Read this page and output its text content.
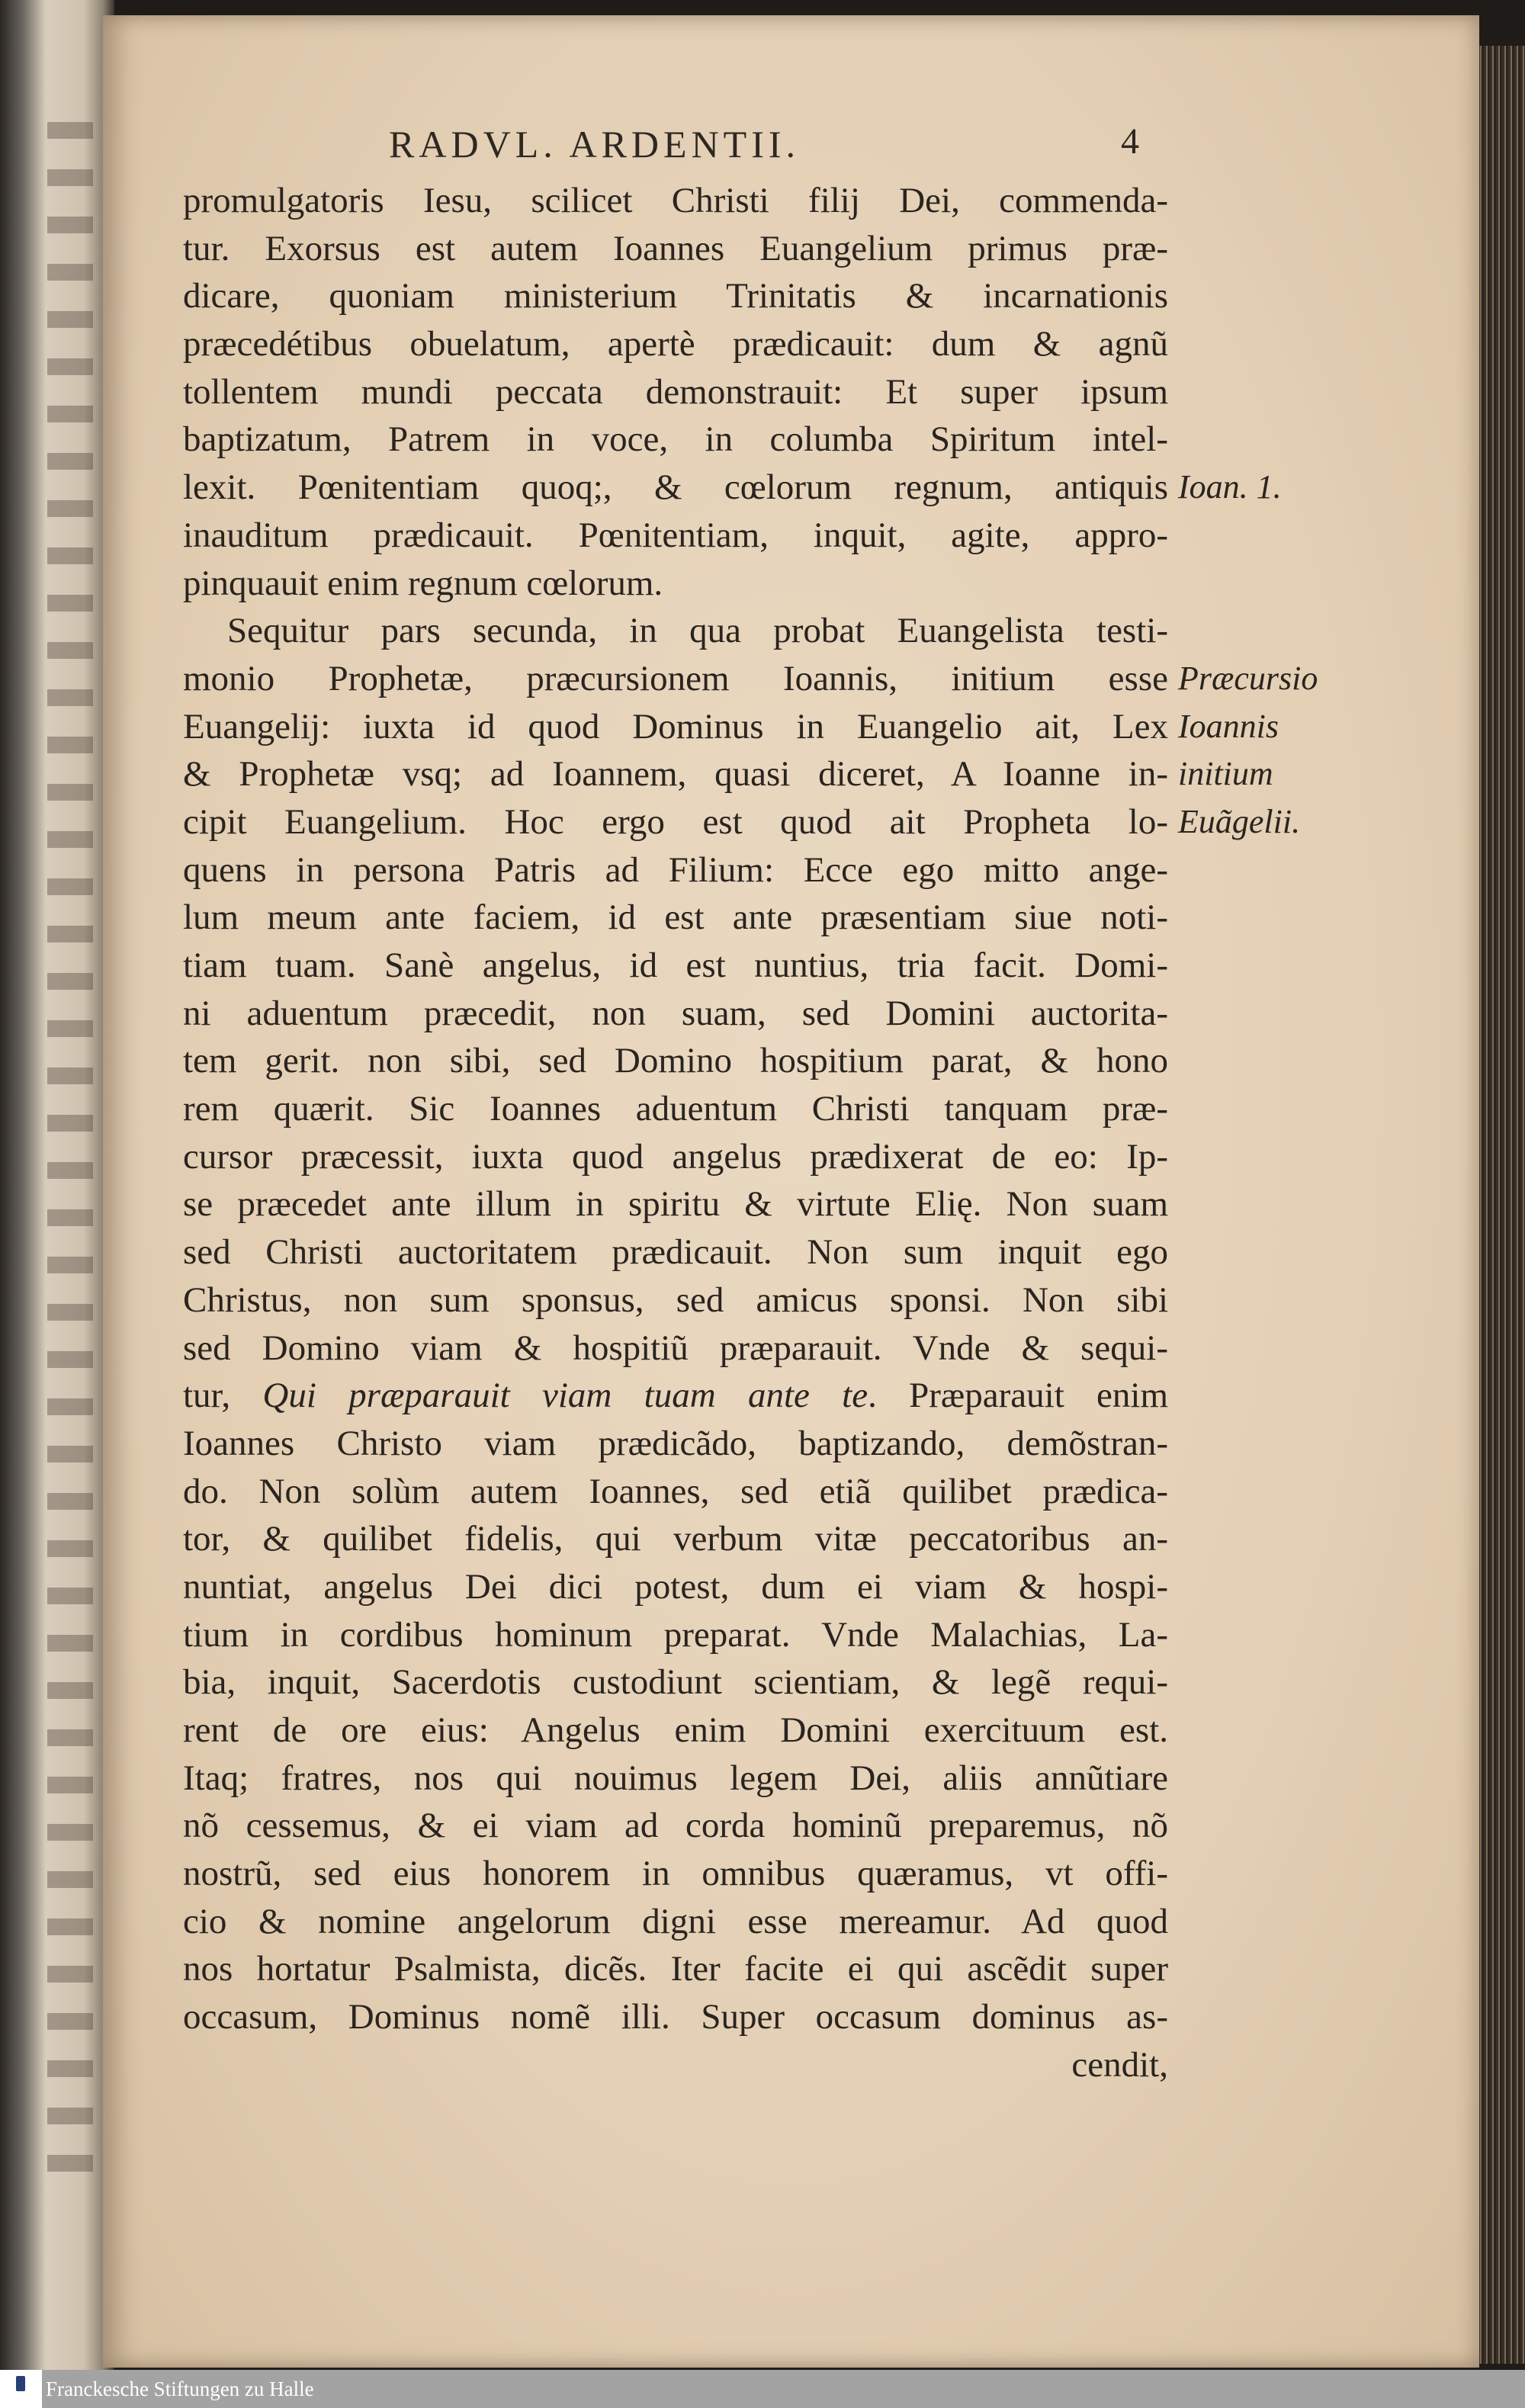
RADVL. ARDENTII.	4
promulgatoris Iesu, scilicet Christi filij Dei, commenda-
tur. Exorsus est autem Ioannes Euangelium primus præ-
dicare, quoniam ministerium Trinitatis & incarnationis
præcedétibus obuelatum, apertè prædicauit: dum & agnũ
tollentem mundi peccata demonstrauit: Et super ipsum
baptizatum, Patrem in voce, in columba Spiritum intel-
lexit. Pœnitentiam quoq;, & cœlorum regnum, antiquis
inauditum prædicauit. Pœnitentiam, inquit, agite, appro-
pinquauit enim regnum cœlorum.
Sequitur pars secunda, in qua probat Euangelista testi-
monio Prophetæ, præcursionem Ioannis, initium esse
Euangelij: iuxta id quod Dominus in Euangelio ait, Lex
& Prophetæ vsq; ad Ioannem, quasi diceret, A Ioanne in-
cipit Euangelium. Hoc ergo est quod ait Propheta lo-
quens in persona Patris ad Filium: Ecce ego mitto ange-
lum meum ante faciem, id est ante præsentiam siue noti-
tiam tuam. Sanè angelus, id est nuntius, tria facit. Domi-
ni aduentum præcedit, non suam, sed Domini auctorita-
tem gerit. non sibi, sed Domino hospitium parat, & hono
rem quærit. Sic Ioannes aduentum Christi tanquam præ-
cursor præcessit, iuxta quod angelus prædixerat de eo: Ip-
se præcedet ante illum in spiritu & virtute Elię. Non suam
sed Christi auctoritatem prædicauit. Non sum inquit ego
Christus, non sum sponsus, sed amicus sponsi. Non sibi
sed Domino viam & hospitiũ præparauit. Vnde & sequi-
tur, Qui præparauit viam tuam ante te. Præparauit enim
Ioannes Christo viam prædicãdo, baptizando, demõstran-
do. Non solùm autem Ioannes, sed etiã quilibet prædica-
tor, & quilibet fidelis, qui verbum vitæ peccatoribus an-
nuntiat, angelus Dei dici potest, dum ei viam & hospi-
tium in cordibus hominum preparat. Vnde Malachias, La-
bia, inquit, Sacerdotis custodiunt scientiam, & legẽ requi-
rent de ore eius: Angelus enim Domini exercituum est.
Itaq; fratres, nos qui nouimus legem Dei, aliis annũtiare
nõ cessemus, & ei viam ad corda hominũ preparemus, nõ
nostrũ, sed eius honorem in omnibus quæramus, vt offi-
cio & nomine angelorum digni esse mereamur. Ad quod
nos hortatur Psalmista, dicẽs. Iter facite ei qui ascẽdit super
occasum, Dominus nomẽ illi. Super occasum dominus as-
cendit,
Ioan. 1.
Præcursio
Ioannis
initium
Euãgelii.
Franckesche Stiftungen zu Halle
